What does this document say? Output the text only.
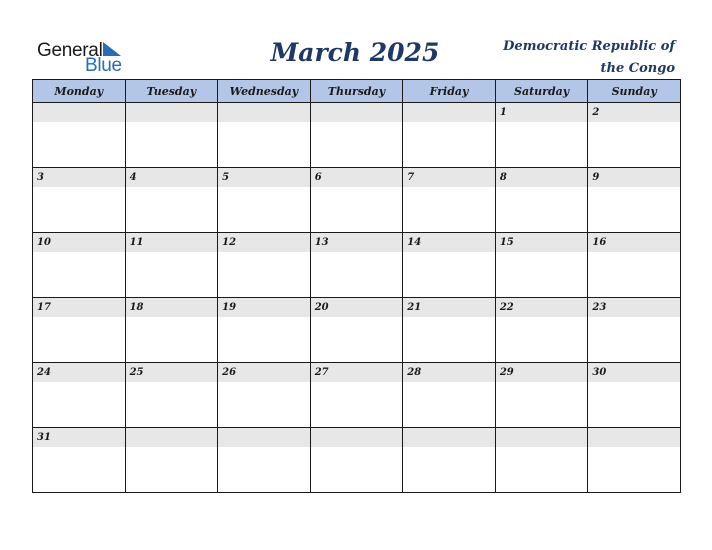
General
Blue	March 2025	Democratic Republic of
the Congo
Monday	Tuesday	Wednesday	Thursday	Friday	Saturday	Sunday

					1	2

3	4	5	6	7	8	9

10	11	12	13	14	15	16

17	18	19	20	21	22	23

24	25	26	27	28	29	30

31						
